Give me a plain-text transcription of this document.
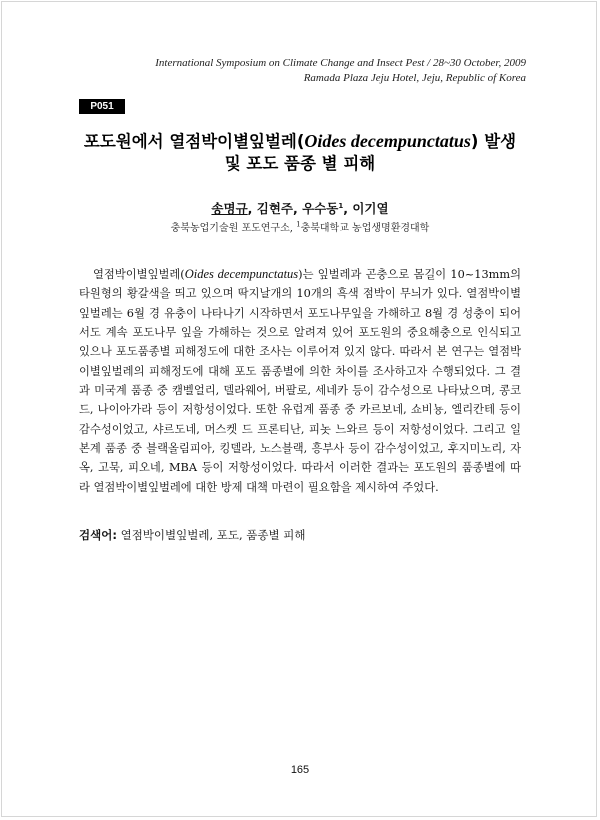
International Symposium on Climate Change and Insect Pest / 28~30 October, 2009
Ramada Plaza Jeju Hotel, Jeju, Republic of Korea
P051
포도원에서 열점박이별잎벌레(Oides decempunctatus) 발생
및 포도 품종 별 피해
송명규, 김현주, 우수동$^1$, 이기열
충북농업기술원 포도연구소, $^1$충북대학교 농업생명환경대학

열점박이별잎벌레(Oides decempunctatus)는 잎벌레과 곤충으로 몸길이 10~13mm의 타원형의 황갈색을 띄고 있으며 딱지날개의 10개의 흑색 점박이 무늬가 있다. 열점박이별잎벌레는 6월 경 유충이 나타나기 시작하면서 포도나무잎을 가해하고 8월 경 성충이 되어서도 계속 포도나무 잎을 가해하는 것으로 알려져 있어 포도원의 중요해충으로 인식되고 있으나 포도품종별 피해정도에 대한 조사는 이루어져 있지 않다. 따라서 본 연구는 열점박이별잎벌레의 피해정도에 대해 포도 품종별에 의한 차이를 조사하고자 수행되었다. 그 결과 미국계 품종 중 캠벨얼리, 델라웨어, 버팔로, 세네카 등이 감수성으로 나타났으며, 콩코드, 나이아가라 등이 저항성이었다. 또한 유럽계 품종 중 카르보네, 쇼비뇽, 엘리칸테 등이 감수성이었고, 샤르도네, 머스켓 드 프론티난, 피놋 느와르 등이 저항성이었다. 그리고 일본계 품종 중 블랙올림피아, 킹델라, 노스블랙, 흥부사 등이 감수성이었고, 후지미노리, 자옥, 고묵, 피오네, MBA 등이 저항성이었다. 따라서 이러한 결과는 포도원의 품종별에 따라 열점박이별잎벌레에 대한 방제 대책 마련이 필요함을 제시하여 주었다.

검색어: 열점박이별잎벌레, 포도, 품종별 피해
165
